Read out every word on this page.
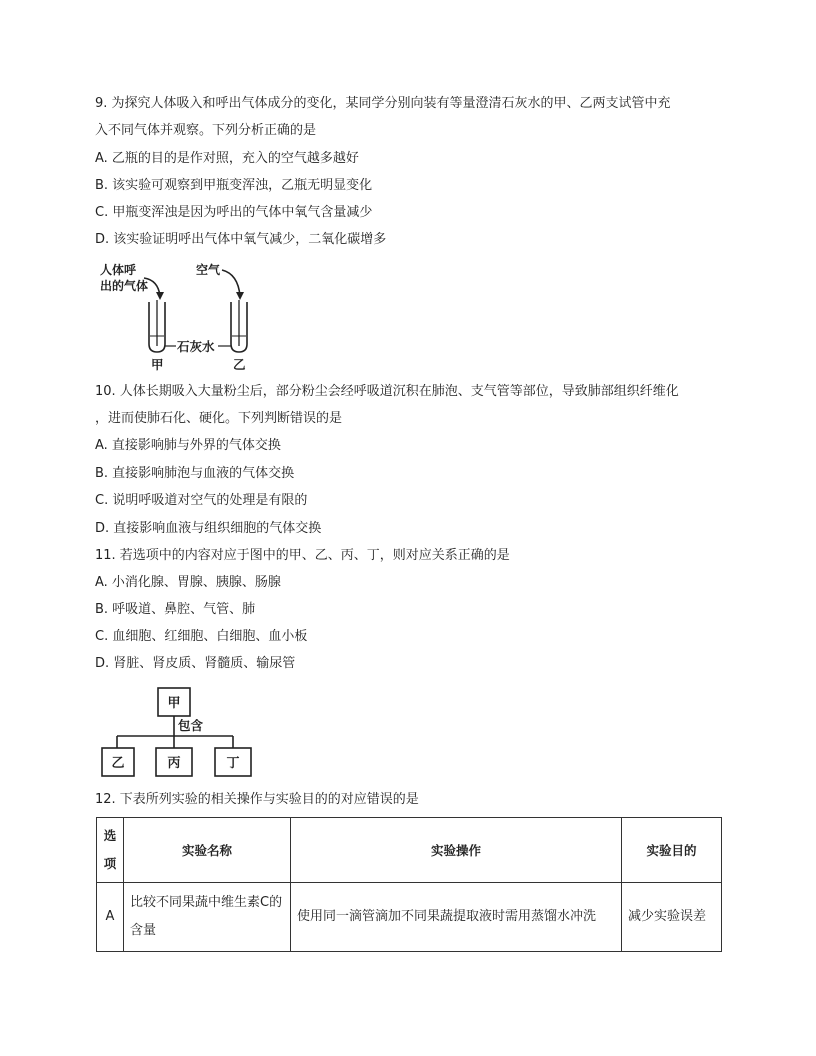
9. 为探究人体吸入和呼出气体成分的变化，某同学分别向装有等量澄清石灰水的甲、乙两支试管中充
入不同气体并观察。下列分析正确的是
A. 乙瓶的目的是作对照，充入的空气越多越好
B. 该实验可观察到甲瓶变浑浊，乙瓶无明显变化
C. 甲瓶变浑浊是因为呼出的气体中氧气含量减少
D. 该实验证明呼出气体中氧气减少，二氧化碳增多
人体呼
出的气体
空气
石灰水
甲	乙
10. 人体长期吸入大量粉尘后，部分粉尘会经呼吸道沉积在肺泡、支气管等部位，导致肺部组织纤维化
，进而使肺石化、硬化。下列判断错误的是
A. 直接影响肺与外界的气体交换
B. 直接影响肺泡与血液的气体交换
C. 说明呼吸道对空气的处理是有限的
D. 直接影响血液与组织细胞的气体交换
11. 若选项中的内容对应于图中的甲、乙、丙、丁，则对应关系正确的是
A. 小消化腺、胃腺、胰腺、肠腺
B. 呼吸道、鼻腔、气管、肺
C. 血细胞、红细胞、白细胞、血小板
D. 肾脏、肾皮质、肾髓质、输尿管
甲
包含
乙	丙	丁
12. 下表所列实验的相关操作与实验目的的对应错误的是
选项	实验名称	实验操作	实验目的
A	比较不同果蔬中维生素C的含量	使用同一滴管滴加不同果蔬提取液时需用蒸馏水冲洗	减少实验误差
